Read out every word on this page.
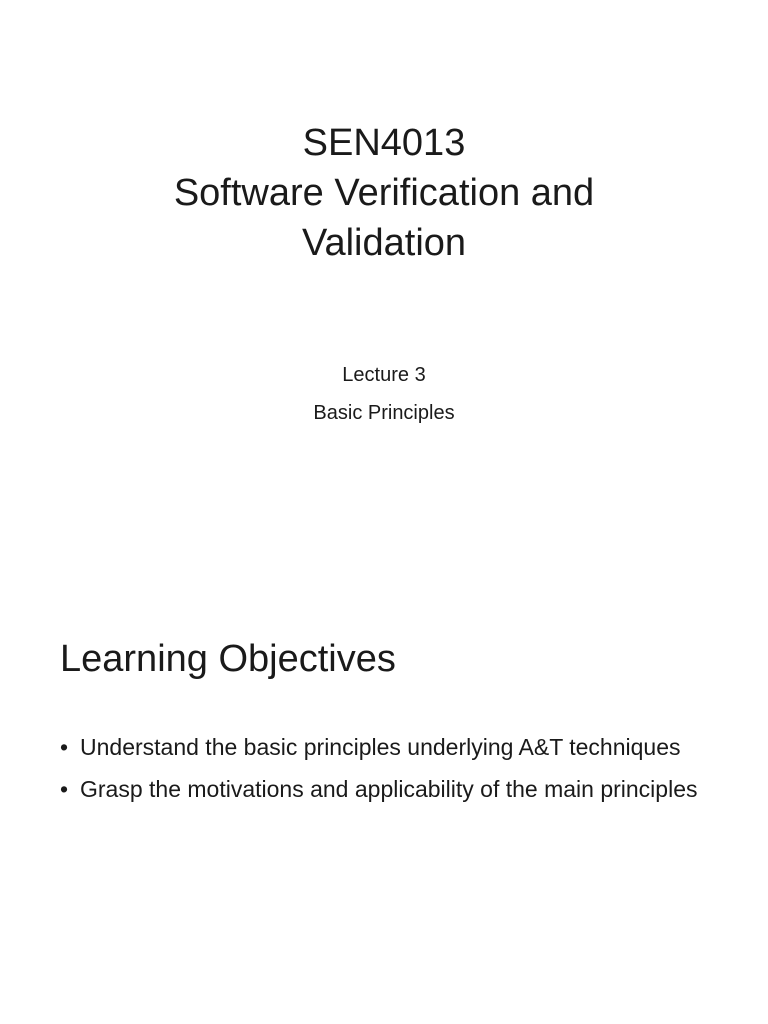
SEN4013
Software Verification and
Validation
Lecture 3
Basic Principles
Learning Objectives
• Understand the basic principles underlying A&T techniques
• Grasp the motivations and applicability of the main principles
